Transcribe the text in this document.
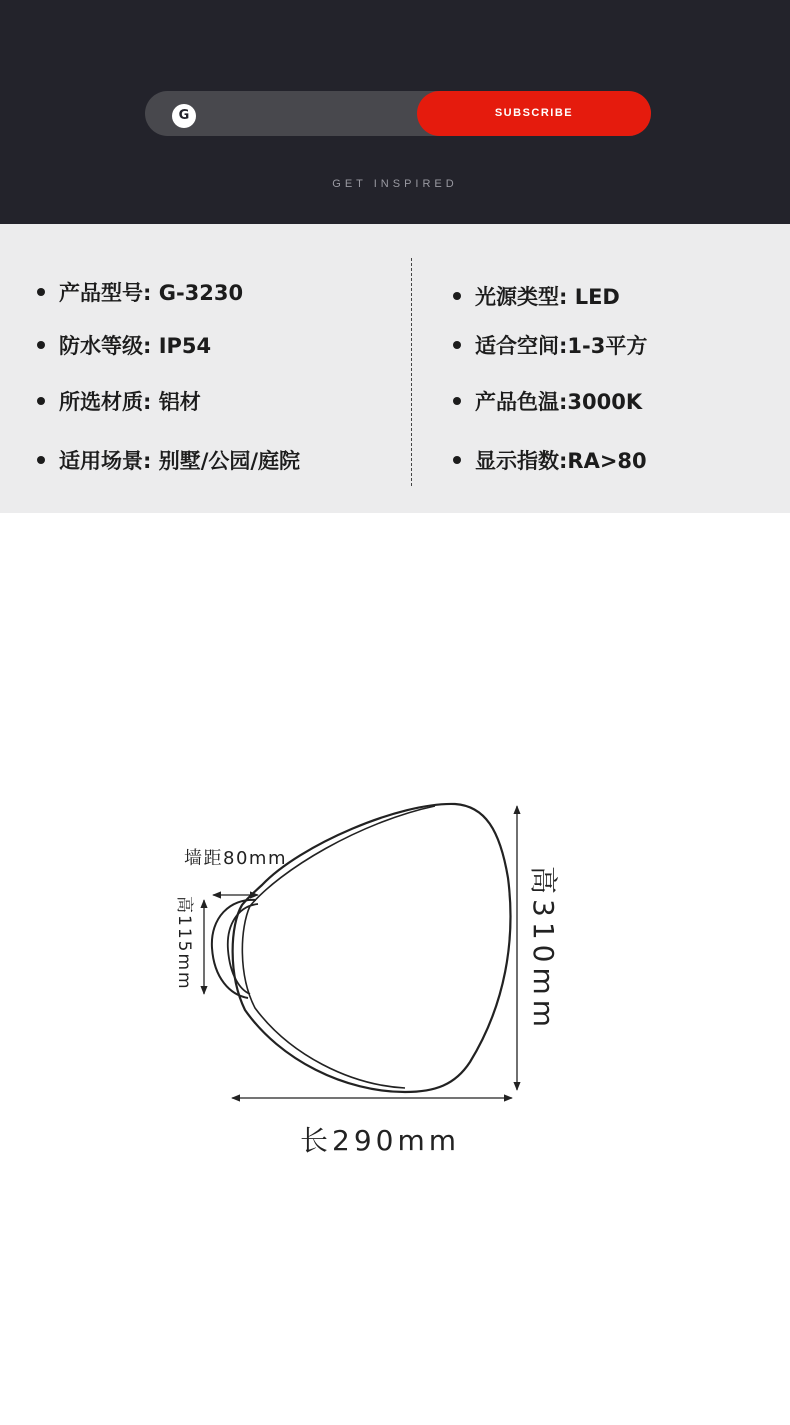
G	SUBSCRIBE
GET INSPIRED
产品型号: G-3230
防水等级: IP54
所选材质: 铝材
适用场景: 别墅/公园/庭院
光源类型: LED
适合空间:1-3平方
产品色温:3000K
显示指数:RA>80
墙距80mm
高115mm	高310mm
长290mm
